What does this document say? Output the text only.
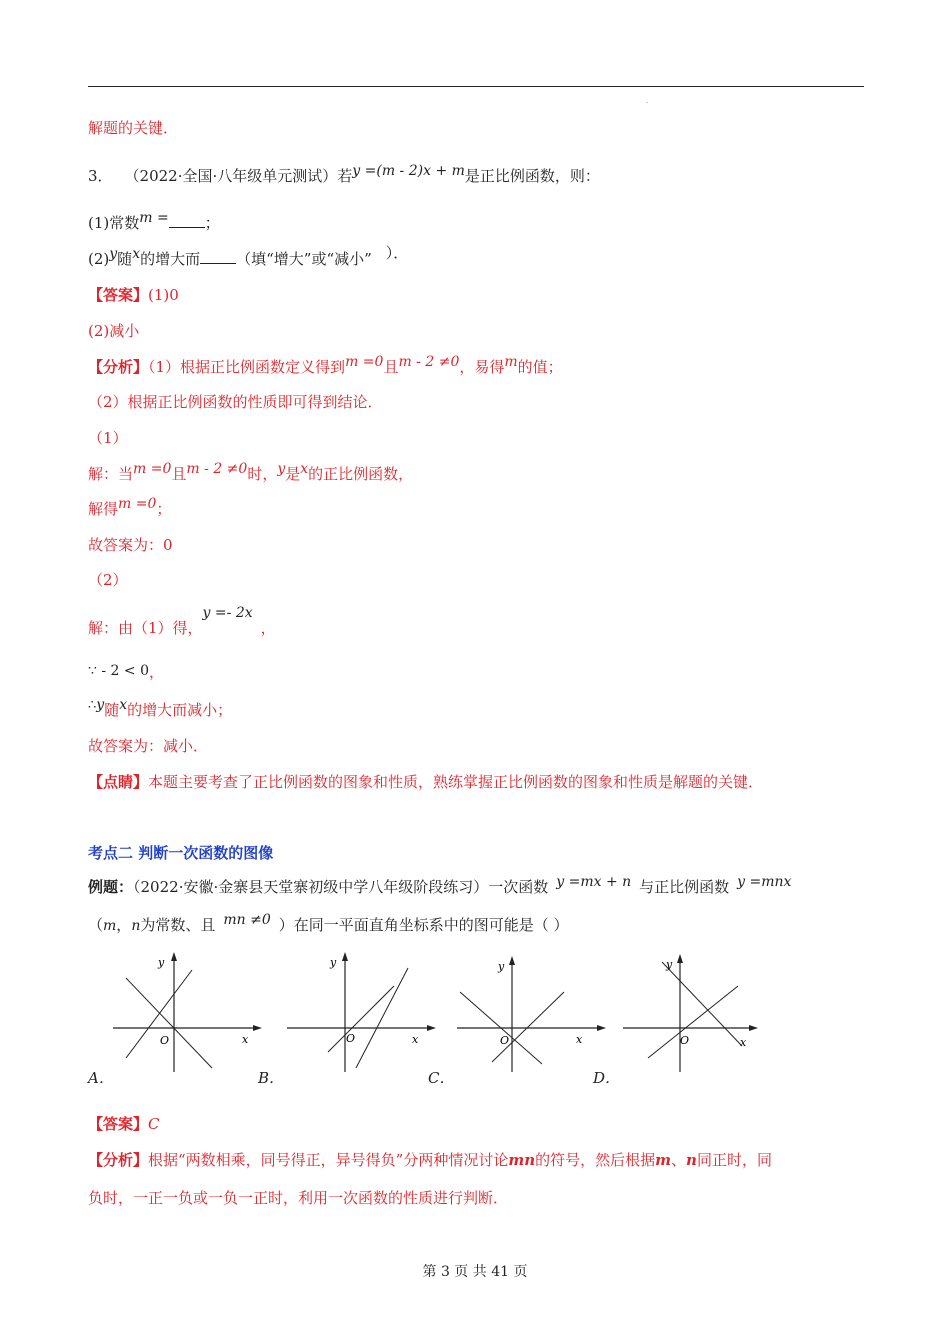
.
解题的关键．
3． （2022·全国·八年级单元测试）若y =(m - 2)x + m是正比例函数，则：
(1)常数m = ；
(2)y随x的增大而 （填“增大”或“减小” ）．
【答案】(1)0
(2)减小
【分析】（1）根据正比例函数定义得到m =0且m - 2 ≠0，易得m的值；
（2）根据正比例函数的性质即可得到结论．
（1）
解：当m =0且m - 2 ≠0时，y是x的正比例函数，
解得m =0；
故答案为：0
（2）
解：由（1）得，y =- 2x，
∵ - 2 < 0，
∴y随x的增大而减小；
故答案为：减小．
【点睛】本题主要考查了正比例函数的图象和性质，熟练掌握正比例函数的图象和性质是解题的关键．
考点二 判断一次函数的图像
例题：（2022·安徽·金寨县天堂寨初级中学八年级阶段练习）一次函数 y =mx + n 与正比例函数 y =mnx
（m，n为常数、且 mn ≠0 ）在同一平面直角坐标系中的图可能是（ ）
y
x
O
y
x
O
y
x
O
y
x
O
A．	B．	C．	D．
【答案】C
【分析】根据“两数相乘，同号得正，异号得负”分两种情况讨论mn的符号，然后根据m、n同正时，同
负时，一正一负或一负一正时，利用一次函数的性质进行判断．
第 3 页 共 41 页
